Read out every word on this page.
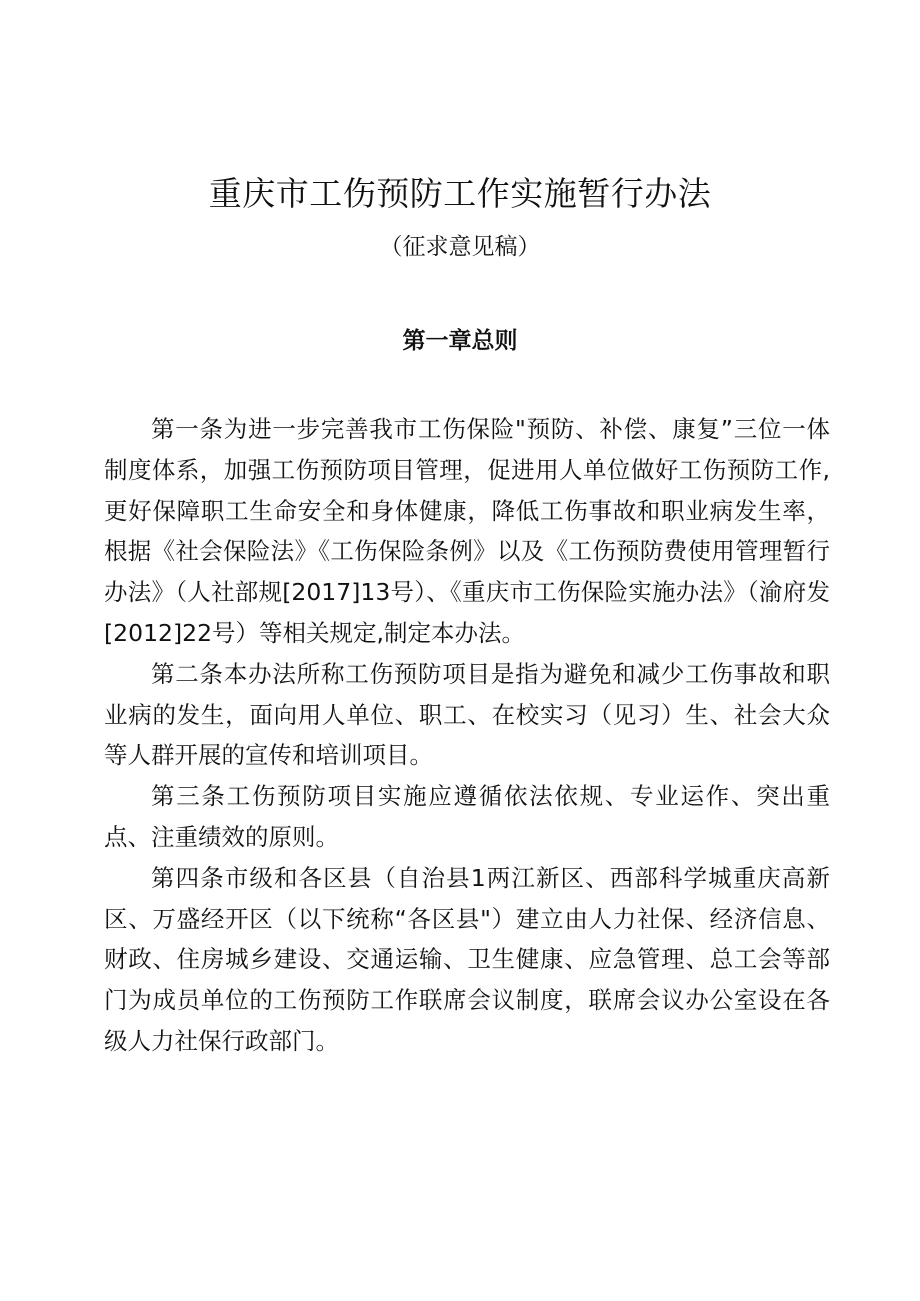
重庆市工伤预防工作实施暂行办法
（征求意见稿）
第一章总则

第一条为进一步完善我市工伤保险"预防、补偿、康复”三位一体制度体系，加强工伤预防项目管理，促进用人单位做好工伤预防工作,更好保障职工生命安全和身体健康，降低工伤事故和职业病发生率，根据《社会保险法》《工伤保险条例》以及《工伤预防费使用管理暂行办法》（人社部规[2017]13号）、《重庆市工伤保险实施办法》（渝府发[2012]22号）等相关规定,制定本办法。

第二条本办法所称工伤预防项目是指为避免和减少工伤事故和职业病的发生，面向用人单位、职工、在校实习（见习）生、社会大众等人群开展的宣传和培训项目。

第三条工伤预防项目实施应遵循依法依规、专业运作、突出重点、注重绩效的原则。

第四条市级和各区县（自治县1两江新区、西部科学城重庆高新区、万盛经开区（以下统称“各区县"）建立由人力社保、经济信息、财政、住房城乡建设、交通运输、卫生健康、应急管理、总工会等部门为成员单位的工伤预防工作联席会议制度，联席会议办公室设在各级人力社保行政部门。
